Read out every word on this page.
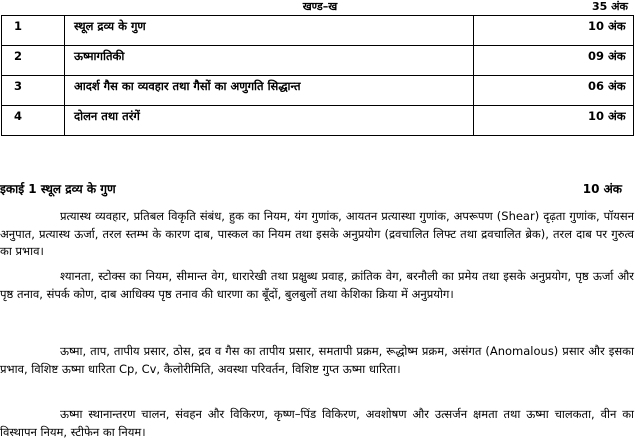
खण्ड–ख	35 अंक
1	स्थूल द्रव्य के गुण	10 अंक
2	ऊष्मागतिकी	09 अंक
3	आदर्श गैस का व्यवहार तथा गैसों का अणुगति सिद्धान्त	06 अंक
4	दोलन तथा तरंगें	10 अंक
इकाई 1 स्थूल द्रव्य के गुण	10 अंक
प्रत्यास्थ व्यवहार, प्रतिबल विकृति संबंध, हुक का नियम, यंग गुणांक, आयतन प्रत्यास्था गुणांक, अपरूपण (Shear) दृढ़ता गुणांक, पॉयसन अनुपात, प्रत्यास्थ ऊर्जा, तरल स्तम्भ के कारण दाब, पास्कल का नियम तथा इसके अनुप्रयोग (द्रवचालित लिफ्ट तथा द्रवचालित ब्रेक), तरल दाब पर गुरुत्व का प्रभाव।
श्यानता, स्टोक्स का नियम, सीमान्त वेग, धारारेखी तथा प्रक्षुब्ध प्रवाह, क्रांतिक वेग, बरनौली का प्रमेय तथा इसके अनुप्रयोग, पृष्ठ ऊर्जा और पृष्ठ तनाव, संपर्क कोण, दाब आधिक्य पृष्ठ तनाव की धारणा का बूँदों, बुलबुलों तथा केशिका क्रिया में अनुप्रयोग।
ऊष्मा, ताप, तापीय प्रसार, ठोस, द्रव व गैस का तापीय प्रसार, समतापी प्रक्रम, रूद्धोष्म प्रक्रम, असंगत (Anomalous) प्रसार और इसका प्रभाव, विशिष्ट ऊष्मा धारिता Cp, Cv, कैलोरीमिति, अवस्था परिवर्तन, विशिष्ट गुप्त ऊष्मा धारिता।
ऊष्मा स्थानान्तरण चालन, संवहन और विकिरण, कृष्ण–पिंड विकिरण, अवशोषण और उत्सर्जन क्षमता तथा ऊष्मा चालकता, वीन का विस्थापन नियम, स्टीफेन का नियम।
